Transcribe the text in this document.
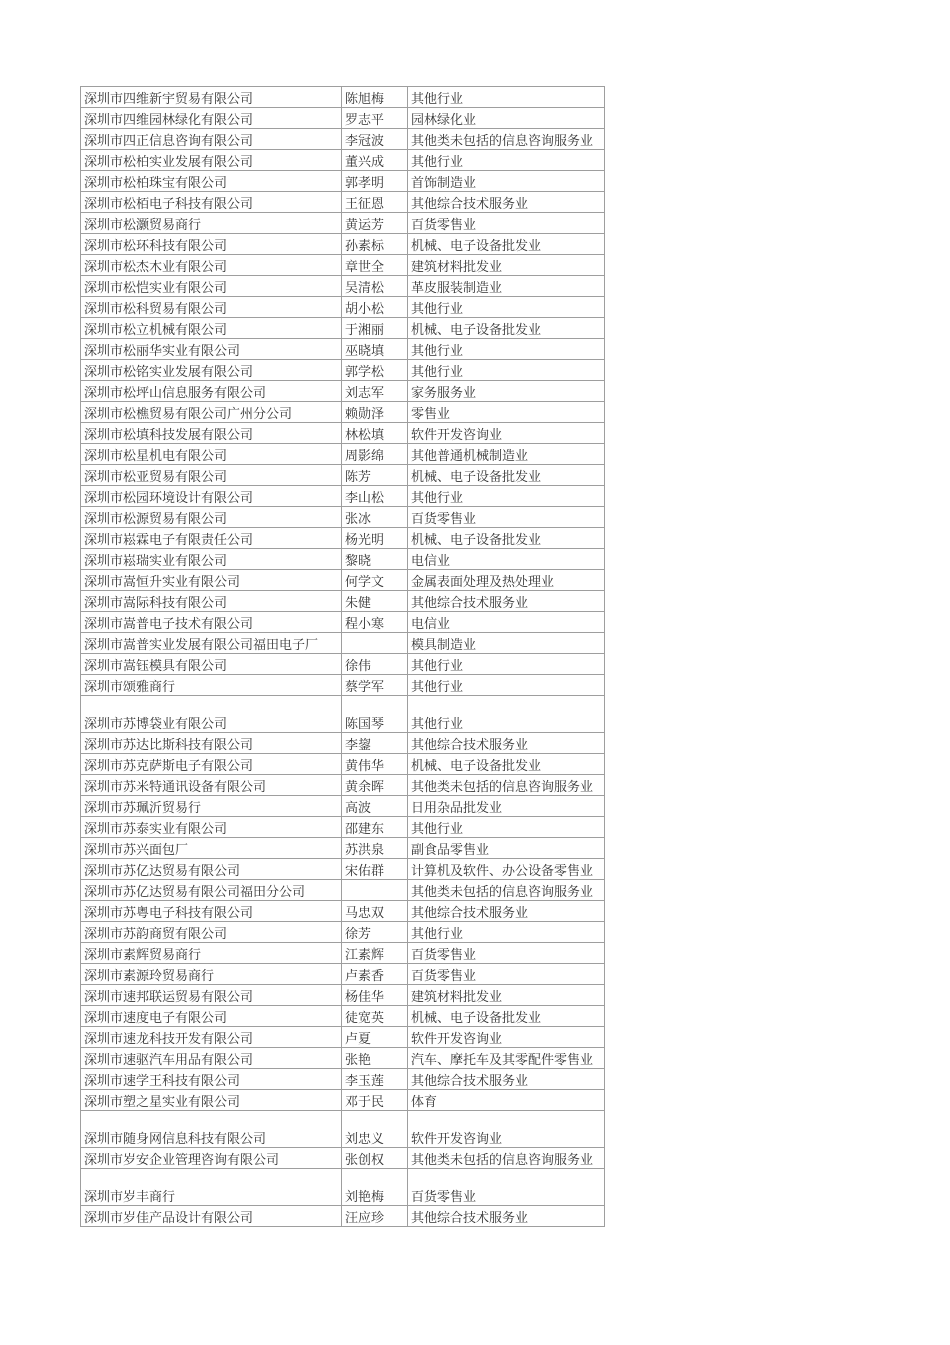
深圳市四维新宇贸易有限公司	陈旭梅	其他行业
深圳市四维园林绿化有限公司	罗志平	园林绿化业
深圳市四正信息咨询有限公司	李冠波	其他类未包括的信息咨询服务业
深圳市松柏实业发展有限公司	董兴成	其他行业
深圳市松柏珠宝有限公司	郭孝明	首饰制造业
深圳市松栢电子科技有限公司	王征恩	其他综合技术服务业
深圳市松灏贸易商行	黄运芳	百货零售业
深圳市松环科技有限公司	孙素标	机械、电子设备批发业
深圳市松杰木业有限公司	章世全	建筑材料批发业
深圳市松恺实业有限公司	吴清松	革皮服装制造业
深圳市松科贸易有限公司	胡小松	其他行业
深圳市松立机械有限公司	于湘丽	机械、电子设备批发业
深圳市松丽华实业有限公司	巫晓填	其他行业
深圳市松铭实业发展有限公司	郭学松	其他行业
深圳市松坪山信息服务有限公司	刘志军	家务服务业
深圳市松樵贸易有限公司广州分公司	赖勋泽	零售业
深圳市松填科技发展有限公司	林松填	软件开发咨询业
深圳市松星机电有限公司	周影绵	其他普通机械制造业
深圳市松亚贸易有限公司	陈芳	机械、电子设备批发业
深圳市松园环境设计有限公司	李山松	其他行业
深圳市松源贸易有限公司	张冰	百货零售业
深圳市崧霖电子有限责任公司	杨光明	机械、电子设备批发业
深圳市崧瑞实业有限公司	黎晓	电信业
深圳市嵩恒升实业有限公司	何学文	金属表面处理及热处理业
深圳市嵩际科技有限公司	朱健	其他综合技术服务业
深圳市嵩普电子技术有限公司	程小寒	电信业
深圳市嵩普实业发展有限公司福田电子厂		模具制造业
深圳市嵩钰模具有限公司	徐伟	其他行业
深圳市颂雅商行	蔡学军	其他行业
深圳市苏博袋业有限公司	陈国琴	其他行业
深圳市苏达比斯科技有限公司	李鋆	其他综合技术服务业
深圳市苏克萨斯电子有限公司	黄伟华	机械、电子设备批发业
深圳市苏米特通讯设备有限公司	黄余晖	其他类未包括的信息咨询服务业
深圳市苏珮沂贸易行	高波	日用杂品批发业
深圳市苏泰实业有限公司	邵建东	其他行业
深圳市苏兴面包厂	苏洪泉	副食品零售业
深圳市苏亿达贸易有限公司	宋佑群	计算机及软件、办公设备零售业
深圳市苏亿达贸易有限公司福田分公司		其他类未包括的信息咨询服务业
深圳市苏粤电子科技有限公司	马忠双	其他综合技术服务业
深圳市苏韵商贸有限公司	徐芳	其他行业
深圳市素辉贸易商行	江素辉	百货零售业
深圳市素源玲贸易商行	卢素香	百货零售业
深圳市速邦联运贸易有限公司	杨佳华	建筑材料批发业
深圳市速度电子有限公司	徒宽英	机械、电子设备批发业
深圳市速龙科技开发有限公司	卢夏	软件开发咨询业
深圳市速驱汽车用品有限公司	张艳	汽车、摩托车及其零配件零售业
深圳市速学王科技有限公司	李玉莲	其他综合技术服务业
深圳市塑之星实业有限公司	邓于民	体育
深圳市随身网信息科技有限公司	刘忠义	软件开发咨询业
深圳市岁安企业管理咨询有限公司	张创权	其他类未包括的信息咨询服务业
深圳市岁丰商行	刘艳梅	百货零售业
深圳市岁佳产品设计有限公司	汪应珍	其他综合技术服务业
